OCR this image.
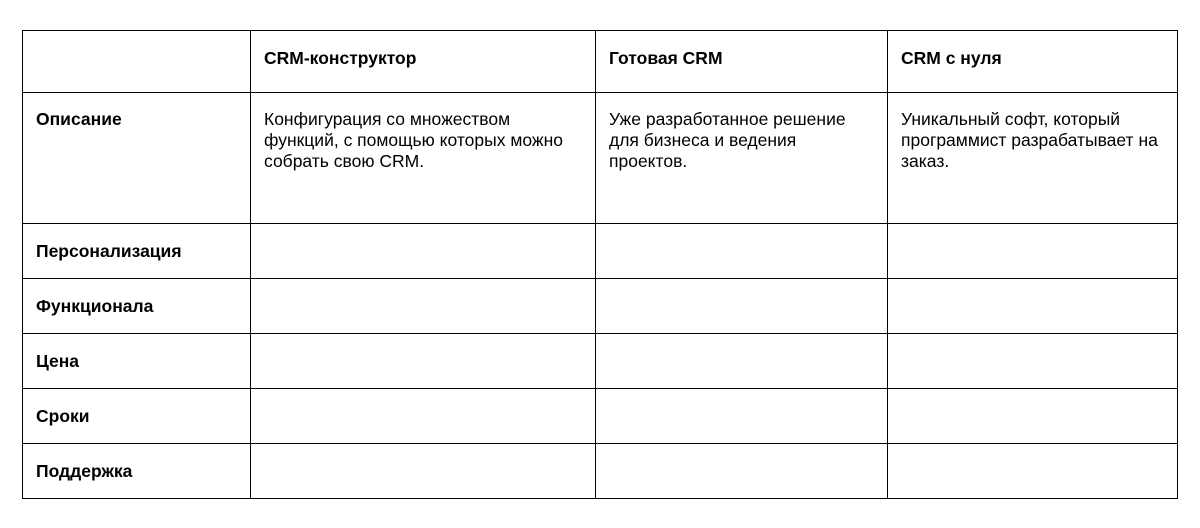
	CRM-конструктор	Готовая CRM	CRM с нуля
Описание	Конфигурация со множеством функций, с помощью которых можно собрать свою CRM.	Уже разработанное решение для бизнеса и ведения проектов.	Уникальный софт, который программист разрабатывает на заказ.
Персонализация			
Функционала			
Цена			
Сроки			
Поддержка			
